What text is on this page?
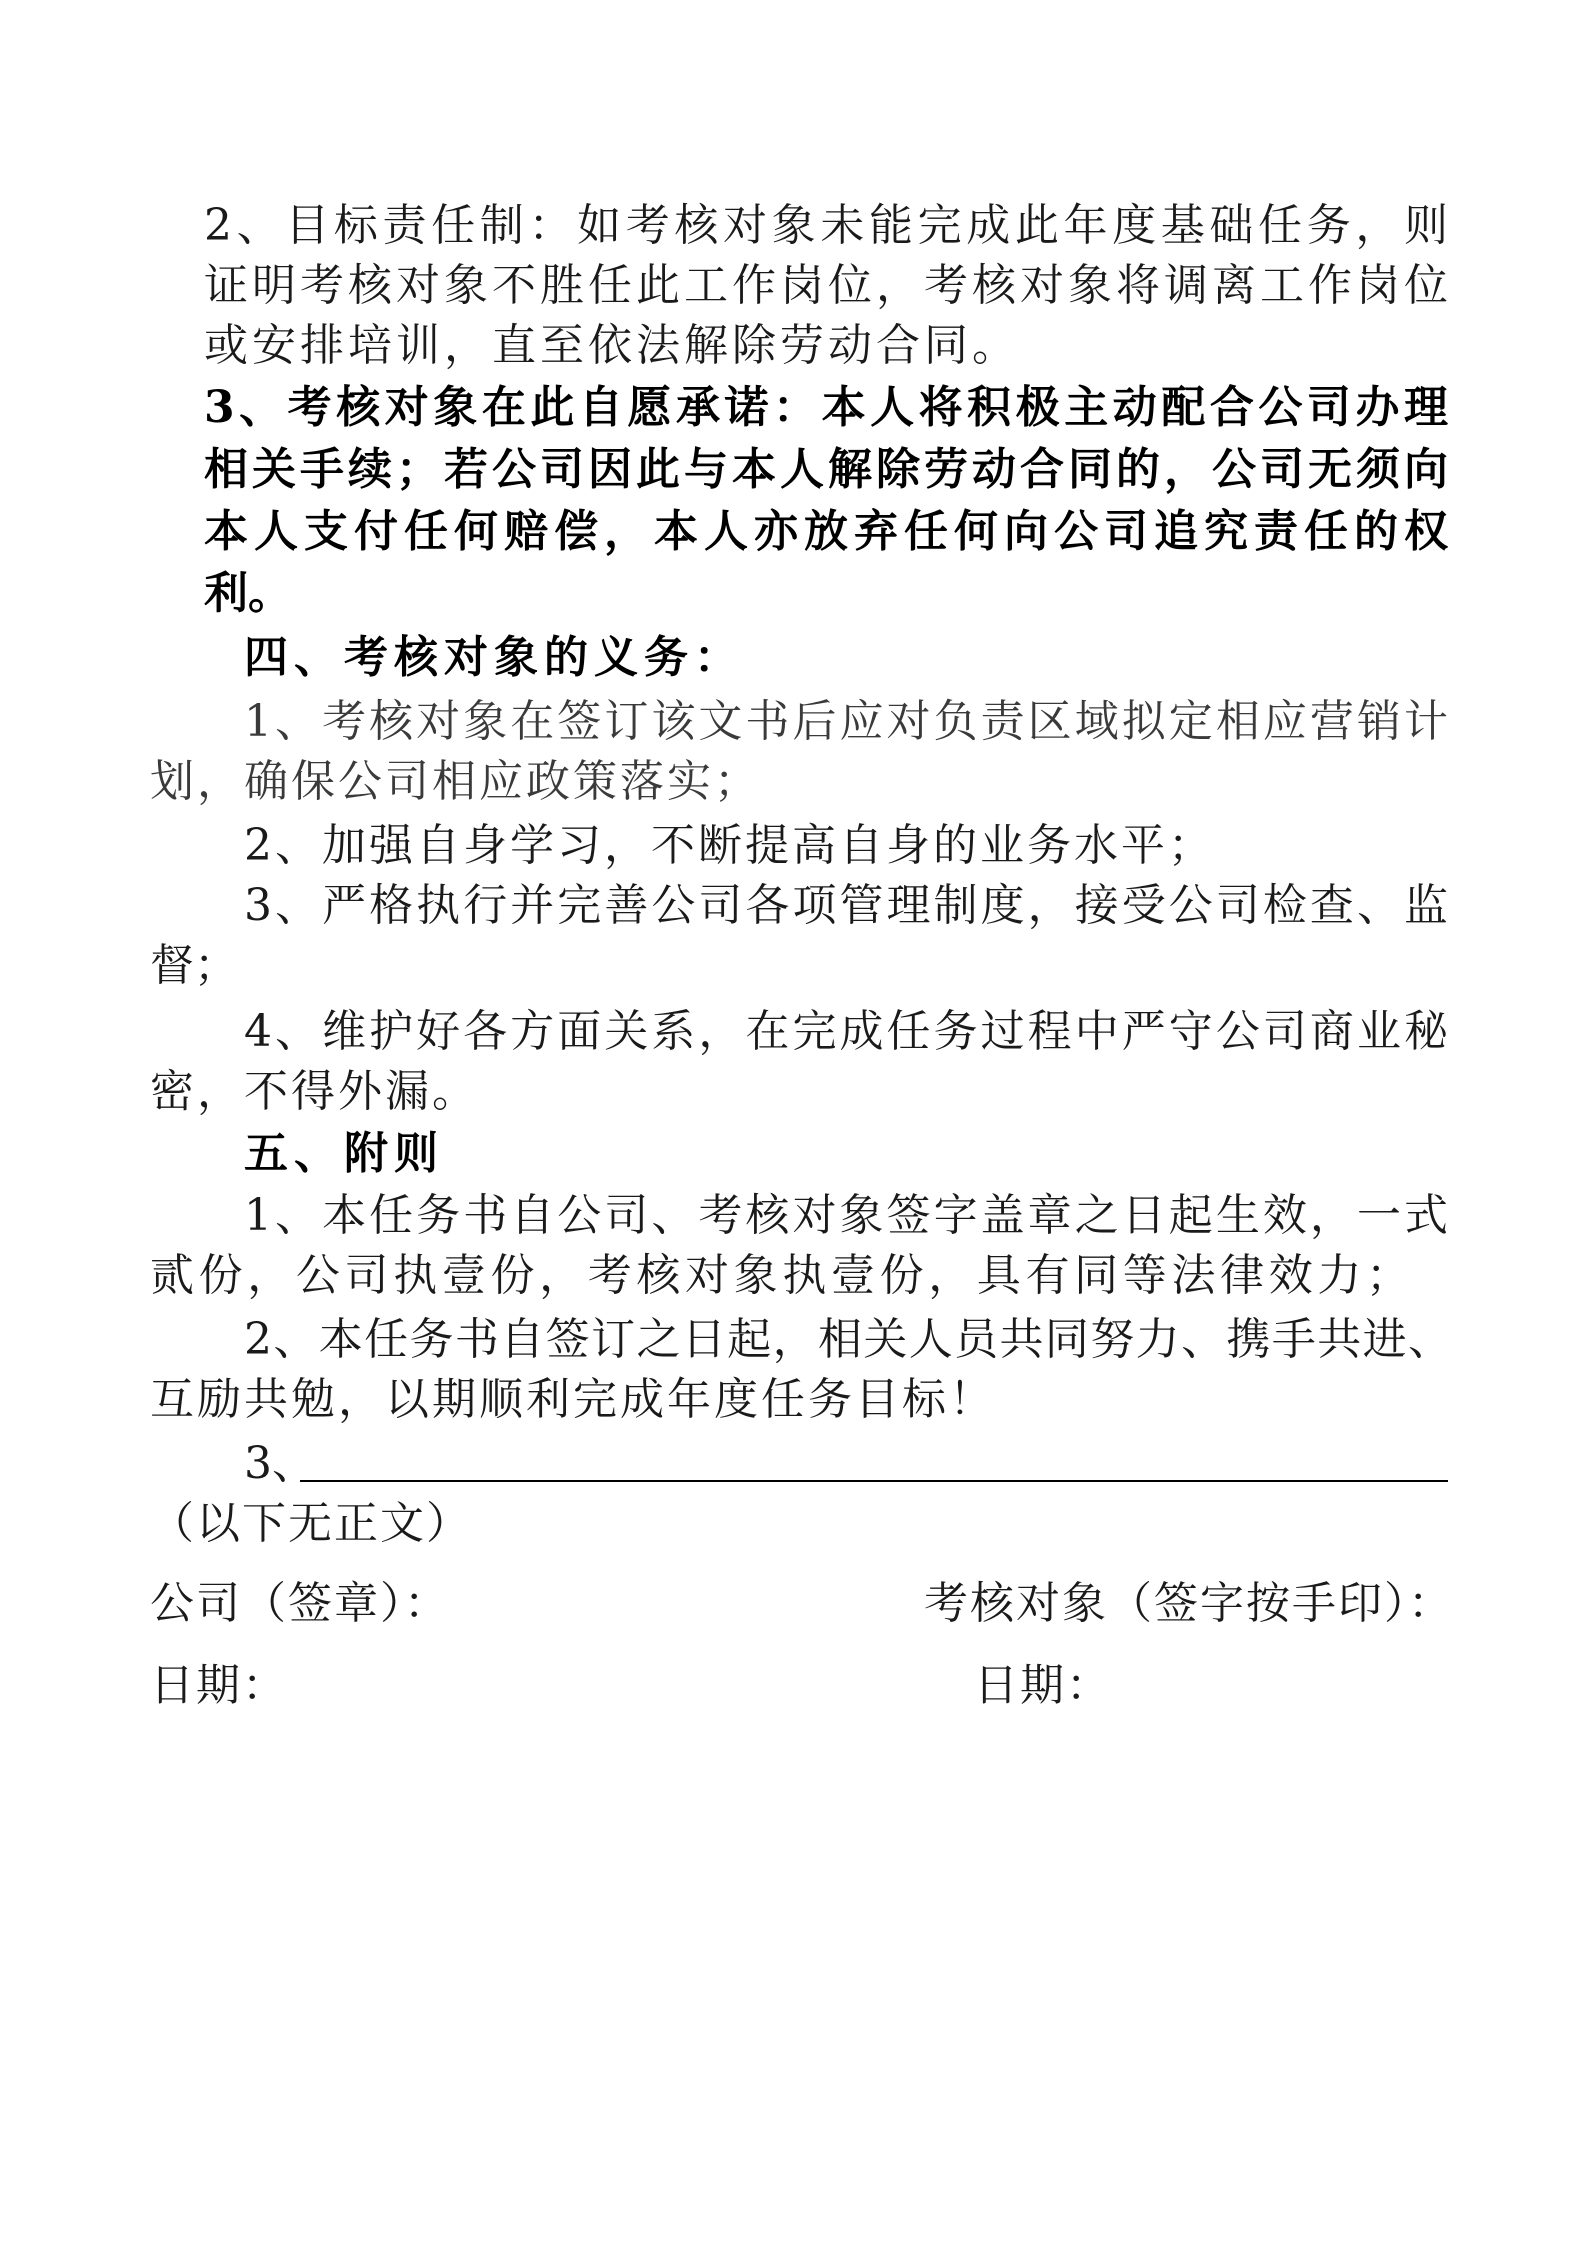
2、目标责任制：如考核对象未能完成此年度基础任务，则
证明考核对象不胜任此工作岗位，考核对象将调离工作岗位
或安排培训，直至依法解除劳动合同。
3、考核对象在此自愿承诺：本人将积极主动配合公司办理
相关手续；若公司因此与本人解除劳动合同的，公司无须向
本人支付任何赔偿，本人亦放弃任何向公司追究责任的权
利。
四、考核对象的义务：
1、考核对象在签订该文书后应对负责区域拟定相应营销计
划，确保公司相应政策落实；
2、加强自身学习，不断提高自身的业务水平；
3、严格执行并完善公司各项管理制度，接受公司检查、监
督；
4、维护好各方面关系，在完成任务过程中严守公司商业秘
密，不得外漏。
五、附则
1、本任务书自公司、考核对象签字盖章之日起生效，一式
贰份，公司执壹份，考核对象执壹份，具有同等法律效力；
2、本任务书自签订之日起，相关人员共同努力、携手共进、
互励共勉，以期顺利完成年度任务目标！
3、
（以下无正文）
公司（签章）：	考核对象（签字按手印）：
日期：	日期：
